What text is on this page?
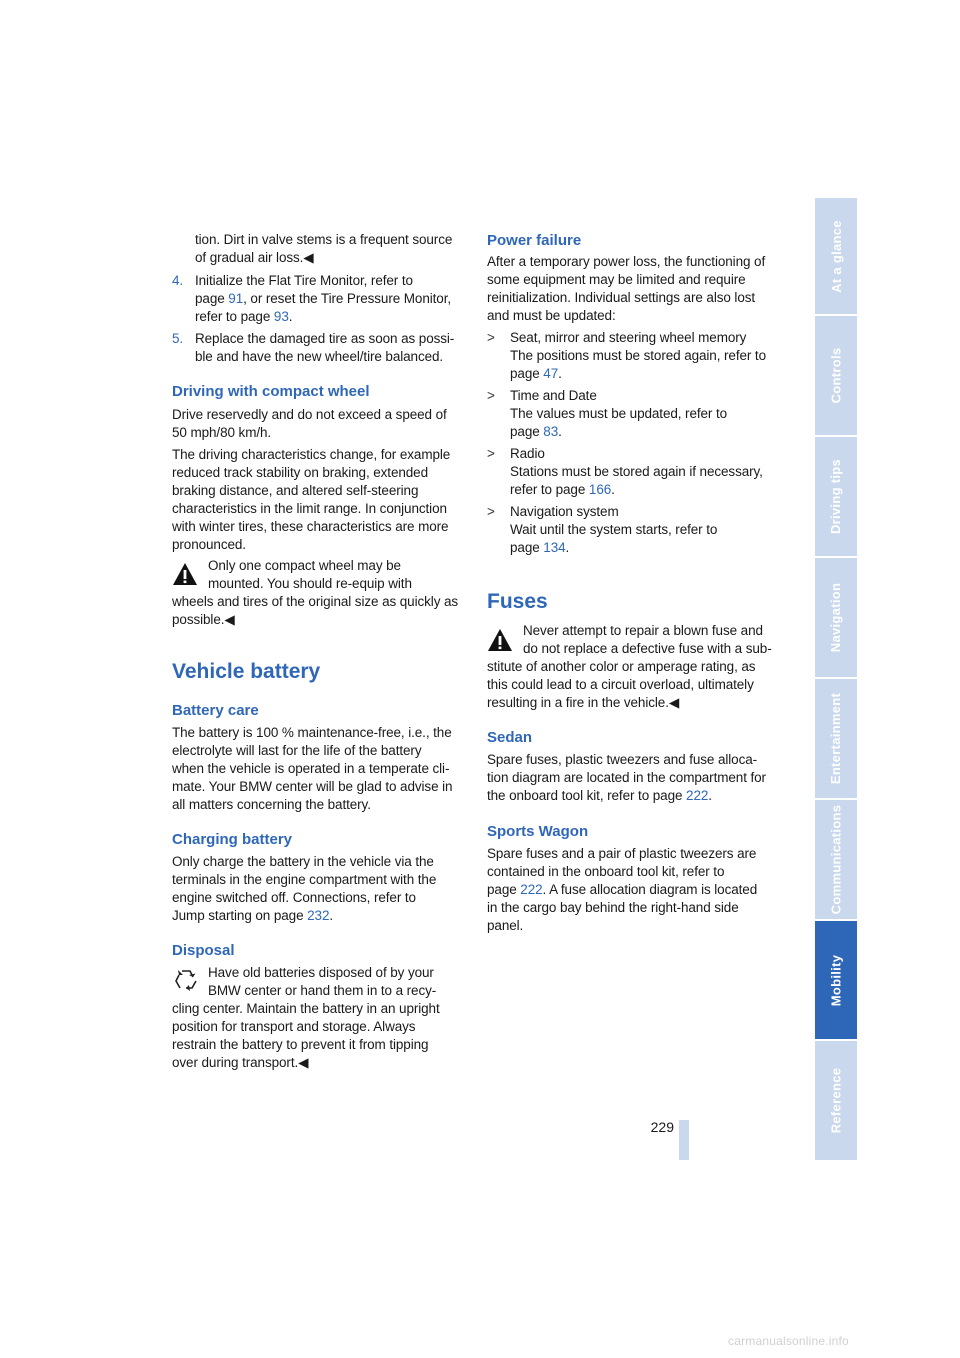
tion. Dirt in valve stems is a frequent source
of gradual air loss.◀

4. Initialize the Flat Tire Monitor, refer to
page 91, or reset the Tire Pressure Monitor,
refer to page 93.

5. Replace the damaged tire as soon as possi-
ble and have the new wheel/tire balanced.

Driving with compact wheel

Drive reservedly and do not exceed a speed of
50 mph/80 km/h.

The driving characteristics change, for example
reduced track stability on braking, extended
braking distance, and altered self-steering
characteristics in the limit range. In conjunction
with winter tires, these characteristics are more
pronounced.

Only one compact wheel may be
mounted. You should re-equip with
wheels and tires of the original size as quickly as
possible.◀

Vehicle battery
Battery care

The battery is 100 % maintenance-free, i.e., the
electrolyte will last for the life of the battery
when the vehicle is operated in a temperate cli-
mate. Your BMW center will be glad to advise in
all matters concerning the battery.

Charging battery

Only charge the battery in the vehicle via the
terminals in the engine compartment with the
engine switched off. Connections, refer to
Jump starting on page 232.

Disposal

Have old batteries disposed of by your
BMW center or hand them in to a recy-
cling center. Maintain the battery in an upright
position for transport and storage. Always
restrain the battery to prevent it from tipping
over during transport.◀

Power failure

After a temporary power loss, the functioning of
some equipment may be limited and require
reinitialization. Individual settings are also lost
and must be updated:

>	Seat, mirror and steering wheel memory
The positions must be stored again, refer to
page 47.

>	Time and Date
The values must be updated, refer to
page 83.

>	Radio
Stations must be stored again if necessary,
refer to page 166.

>	Navigation system
Wait until the system starts, refer to
page 134.

Fuses

Never attempt to repair a blown fuse and
do not replace a defective fuse with a sub-
stitute of another color or amperage rating, as
this could lead to a circuit overload, ultimately
resulting in a fire in the vehicle.◀

Sedan

Spare fuses, plastic tweezers and fuse alloca-
tion diagram are located in the compartment for
the onboard tool kit, refer to page 222.

Sports Wagon

Spare fuses and a pair of plastic tweezers are
contained in the onboard tool kit, refer to
page 222. A fuse allocation diagram is located
in the cargo bay behind the right-hand side
panel.

At a glance
Controls
Driving tips
Navigation
Entertainment
Communications
Mobility
Reference
229
carmanualsonline.info
